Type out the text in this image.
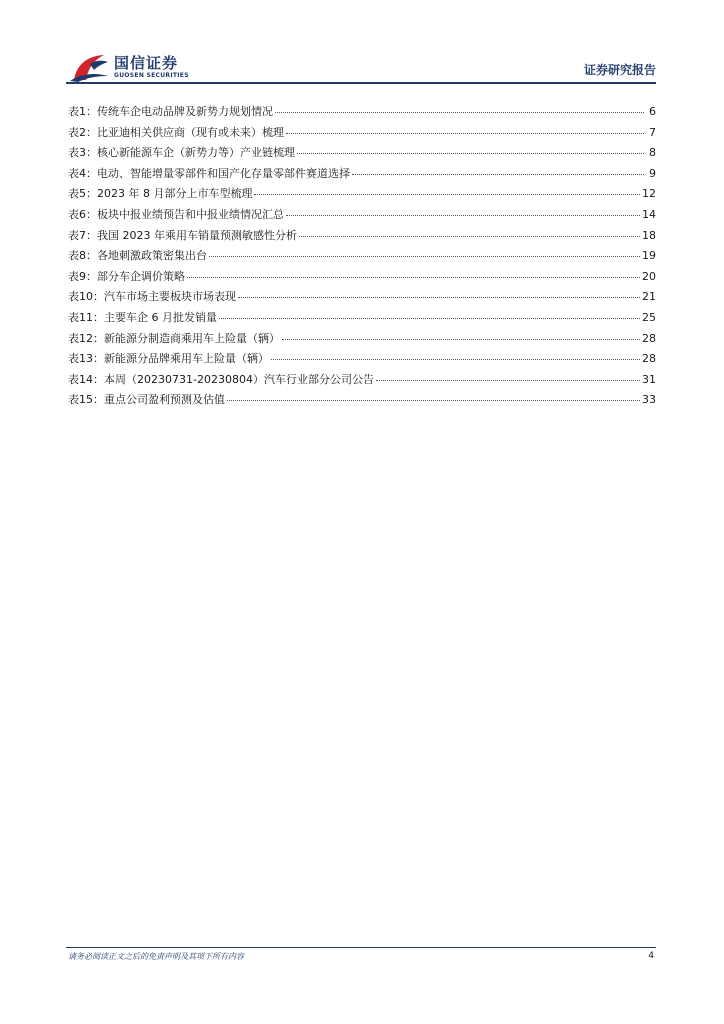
国信证券
GUOSEN SECURITIES	证券研究报告
表1： 传统车企电动品牌及新势力规划情况	6
表2： 比亚迪相关供应商（现有或未来）梳理	7
表3： 核心新能源车企（新势力等）产业链梳理	8
表4： 电动、智能增量零部件和国产化存量零部件赛道选择	9
表5： 2023 年 8 月部分上市车型梳理	12
表6： 板块中报业绩预告和中报业绩情况汇总	14
表7： 我国 2023 年乘用车销量预测敏感性分析	18
表8： 各地刺激政策密集出台	19
表9： 部分车企调价策略	20
表10： 汽车市场主要板块市场表现	21
表11： 主要车企 6 月批发销量	25
表12： 新能源分制造商乘用车上险量（辆）	28
表13： 新能源分品牌乘用车上险量（辆）	28
表14： 本周（20230731-20230804）汽车行业部分公司公告	31
表15： 重点公司盈利预测及估值	33
请务必阅读正文之后的免责声明及其项下所有内容	4
